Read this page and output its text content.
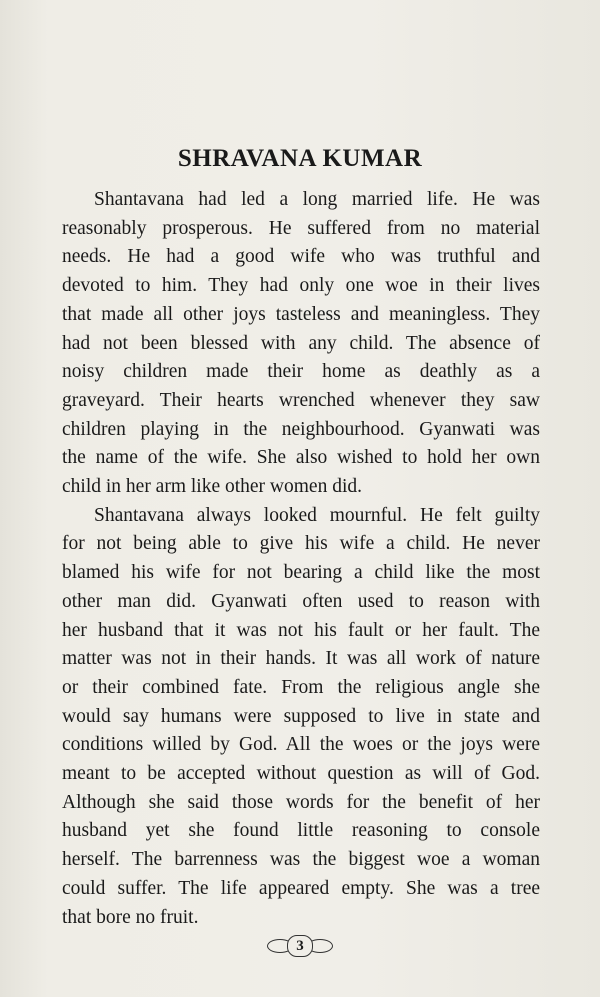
SHRAVANA KUMAR
Shantavana had led a long married life. He was
reasonably prosperous. He suffered from no material
needs. He had a good wife who was truthful and
devoted to him. They had only one woe in their lives
that made all other joys tasteless and meaningless. They
had not been blessed with any child. The absence of
noisy children made their home as deathly as a
graveyard. Their hearts wrenched whenever they saw
children playing in the neighbourhood. Gyanwati was
the name of the wife. She also wished to hold her own
child in her arm like other women did.
Shantavana always looked mournful. He felt guilty
for not being able to give his wife a child. He never
blamed his wife for not bearing a child like the most
other man did. Gyanwati often used to reason with
her husband that it was not his fault or her fault. The
matter was not in their hands. It was all work of nature
or their combined fate. From the religious angle she
would say humans were supposed to live in state and
conditions willed by God. All the woes or the joys were
meant to be accepted without question as will of God.
Although she said those words for the benefit of her
husband yet she found little reasoning to console
herself. The barrenness was the biggest woe a woman
could suffer. The life appeared empty. She was a tree
that bore no fruit.
3
